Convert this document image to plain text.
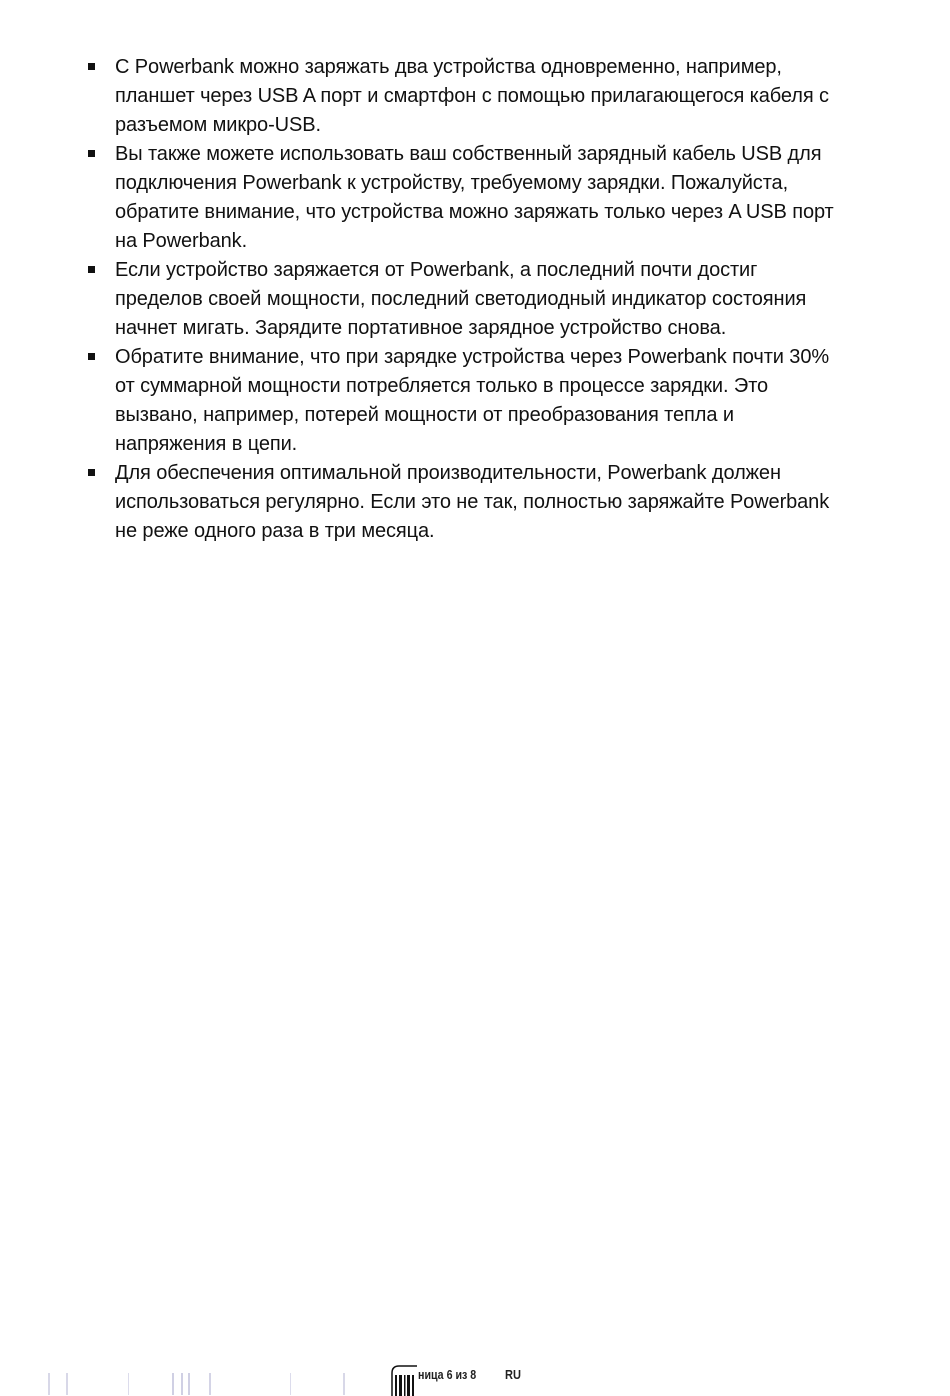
С Powerbank можно заряжать два устройства одновременно, например, планшет через USB A порт и смартфон с помощью прилагающегося кабеля с разъемом микро-USB.
Вы также можете использовать ваш собственный зарядный кабель USB для подключения Powerbank к устройству, требуемому зарядки. Пожалуйста, обратите внимание, что устройства можно заряжать только через A USB порт на Powerbank.
Если устройство заряжается от Powerbank, а последний почти достиг пределов своей мощности, последний светодиодный индикатор состояния начнет мигать. Зарядите портативное зарядное устройство снова.
Обратите внимание, что при зарядке устройства через Powerbank почти 30% от суммарной мощности потребляется только в процессе зарядки. Это вызвано, например, потерей мощности от преобразования тепла и напряжения в цепи.
Для обеспечения оптимальной производительности, Powerbank должен использоваться регулярно. Если это не так, полностью заряжайте Powerbank не реже одного раза в три месяца.
ница 6 из 8 RU
